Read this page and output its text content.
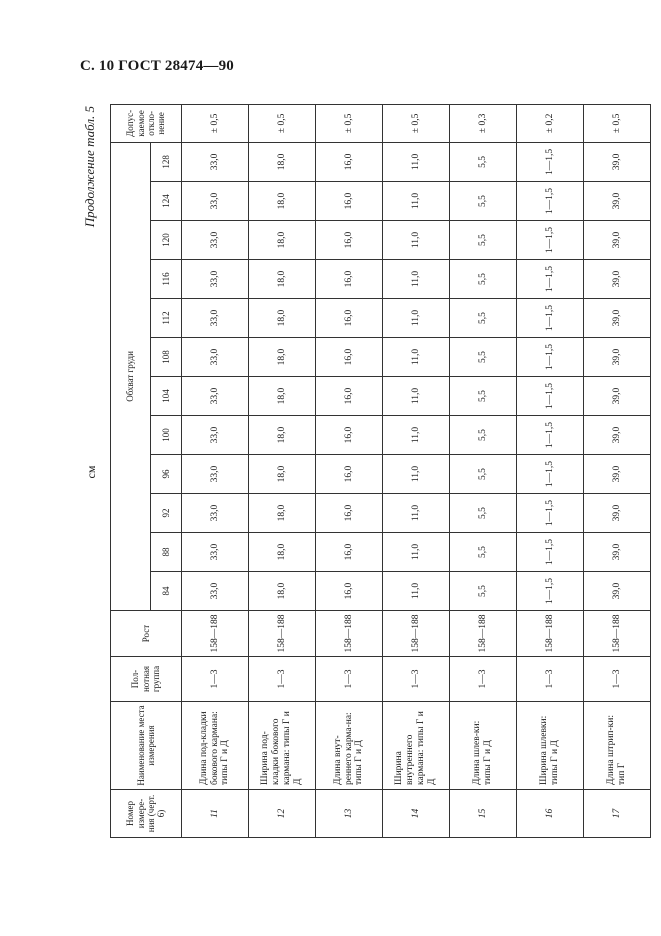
С. 10 ГОСТ 28474—90
см
Продолжение табл. 5
Номер измере-ния (черт. 6)	Наименование места измерения	Пол-нотная группа	Рост	Обхват груди												Допус-каемое откло-нение
				84	88	92	96	100	104	108	112	116	120	124	128	
11	Длина под-кладки бокового кармана: типы Г и Д	1—3	158—188	33,0	33,0	33,0	33,0	33,0	33,0	33,0	33,0	33,0	33,0	33,0	33,0	± 0,5
12	Ширина под-кладки бокового кармана: типы Г и Д	1—3	158—188	18,0	18,0	18,0	18,0	18,0	18,0	18,0	18,0	18,0	18,0	18,0	18,0	± 0,5
13	Длина внут-реннего карма-на: типы Г и Д	1—3	158—188	16,0	16,0	16,0	16,0	16,0	16,0	16,0	16,0	16,0	16,0	16,0	16,0	± 0,5
14	Ширина внутреннего кармана: типы Г и Д	1—3	158—188	11,0	11,0	11,0	11,0	11,0	11,0	11,0	11,0	11,0	11,0	11,0	11,0	± 0,5
15	Длина шлев-ки: типы Г и Д	1—3	158—188	5,5	5,5	5,5	5,5	5,5	5,5	5,5	5,5	5,5	5,5	5,5	5,5	± 0,3
16	Ширина шлевки: типы Г и Д	1—3	158—188	1—1,5	1—1,5	1—1,5	1—1,5	1—1,5	1—1,5	1—1,5	1—1,5	1—1,5	1—1,5	1—1,5	1—1,5	± 0,2
17	Длина штрип-ки: тип Г	1—3	158—188	39,0	39,0	39,0	39,0	39,0	39,0	39,0	39,0	39,0	39,0	39,0	39,0	± 0,5
